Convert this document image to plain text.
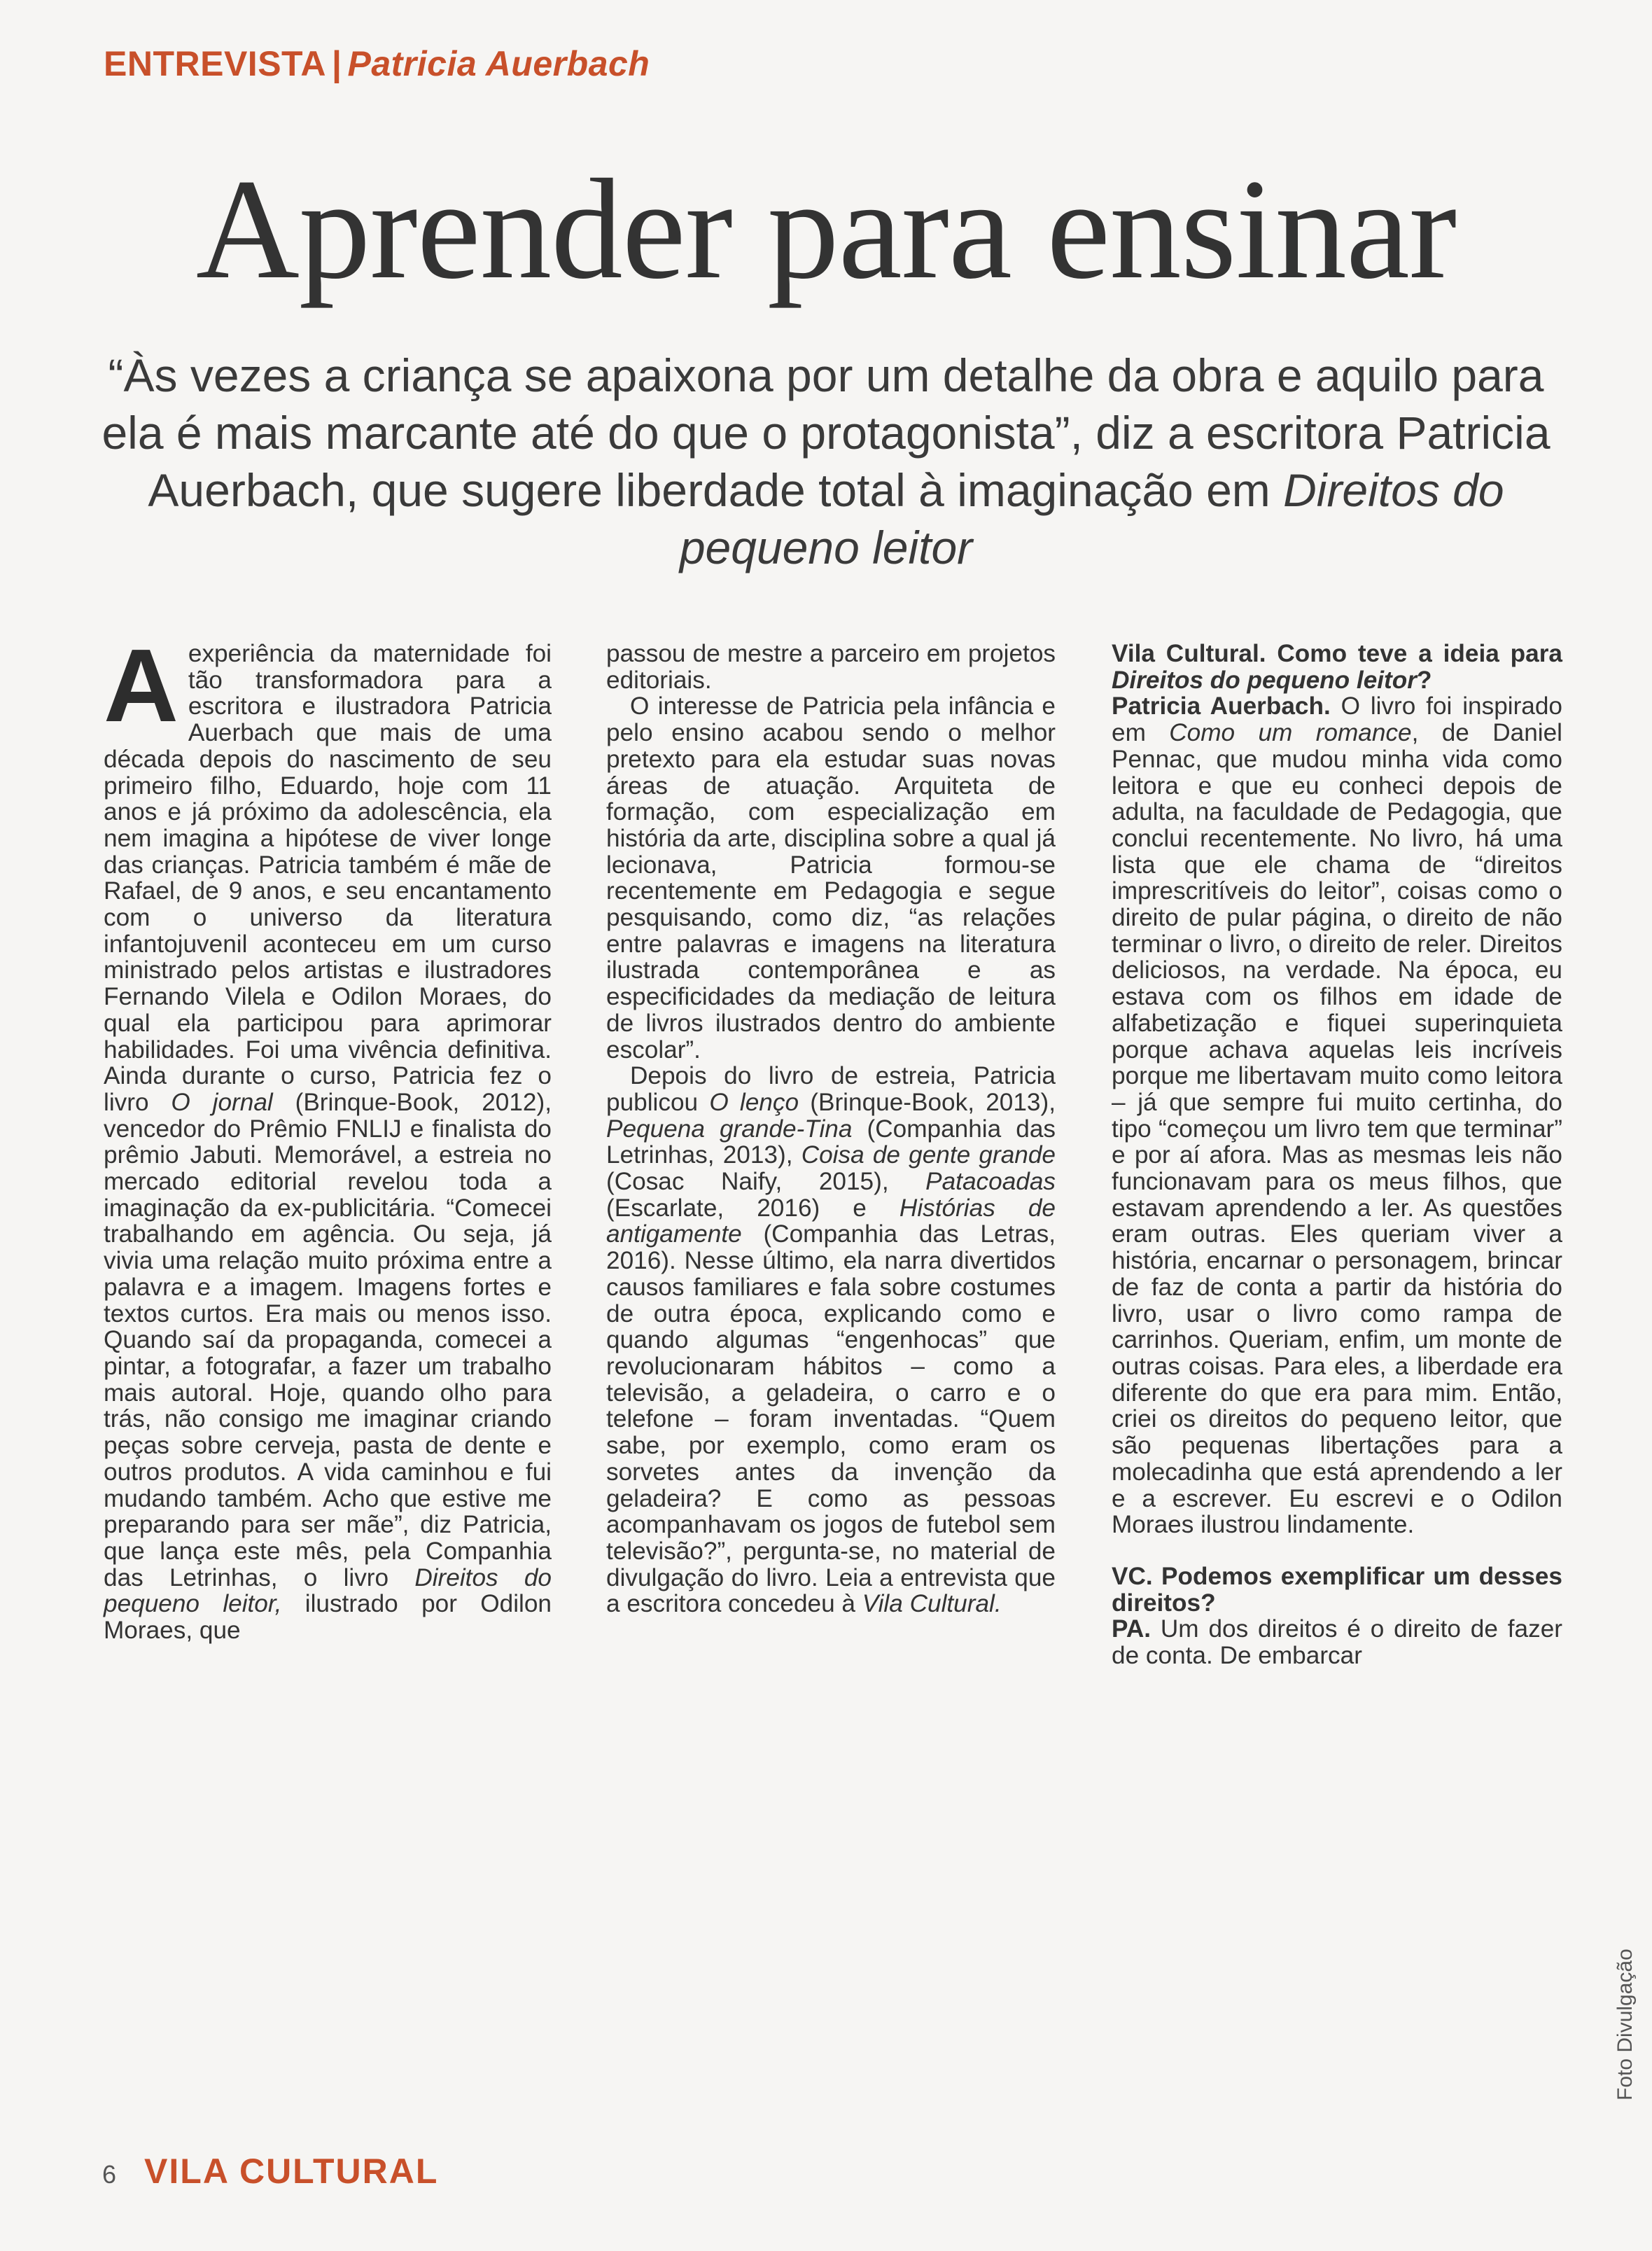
ENTREVISTA | Patricia Auerbach
Aprender para ensinar

“Às vezes a criança se apaixona por um detalhe da obra e aquilo para ela é mais marcante até do que o protagonista”, diz a escritora Patricia Auerbach, que sugere liberdade total à imaginação em Direitos do pequeno leitor

A experiência da maternidade foi tão transformadora para a escritora e ilustradora Patricia Auerbach que mais de uma década depois do nascimento de seu primeiro filho, Eduardo, hoje com 11 anos e já próximo da adolescência, ela nem imagina a hipótese de viver longe das crianças. Patricia também é mãe de Rafael, de 9 anos, e seu encantamento com o universo da literatura infantojuvenil aconteceu em um curso ministrado pelos artistas e ilustradores Fernando Vilela e Odilon Moraes, do qual ela participou para aprimorar habilidades. Foi uma vivência definitiva. Ainda durante o curso, Patricia fez o livro O jornal (Brinque-Book, 2012), vencedor do Prêmio FNLIJ e finalista do prêmio Jabuti. Memorável, a estreia no mercado editorial revelou toda a imaginação da ex-publicitária. “Comecei trabalhando em agência. Ou seja, já vivia uma relação muito próxima entre a palavra e a imagem. Imagens fortes e textos curtos. Era mais ou menos isso. Quando saí da propaganda, comecei a pintar, a fotografar, a fazer um trabalho mais autoral. Hoje, quando olho para trás, não consigo me imaginar criando peças sobre cerveja, pasta de dente e outros produtos. A vida caminhou e fui mudando também. Acho que estive me preparando para ser mãe”, diz Patricia, que lança este mês, pela Companhia das Letrinhas, o livro Direitos do pequeno leitor, ilustrado por Odilon Moraes, que

passou de mestre a parceiro em projetos editoriais.

O interesse de Patricia pela infância e pelo ensino acabou sendo o melhor pretexto para ela estudar suas novas áreas de atuação. Arquiteta de formação, com especialização em história da arte, disciplina sobre a qual já lecionava, Patricia formou-se recentemente em Pedagogia e segue pesquisando, como diz, “as relações entre palavras e imagens na literatura ilustrada contemporânea e as especificidades da mediação de leitura de livros ilustrados dentro do ambiente escolar”.

Depois do livro de estreia, Patricia publicou O lenço (Brinque-Book, 2013), Pequena grande-Tina (Companhia das Letrinhas, 2013), Coisa de gente grande (Cosac Naify, 2015), Patacoadas (Escarlate, 2016) e Histórias de antigamente (Companhia das Letras, 2016). Nesse último, ela narra divertidos causos familiares e fala sobre costumes de outra época, explicando como e quando algumas “engenhocas” que revolucionaram hábitos – como a televisão, a geladeira, o carro e o telefone – foram inventadas. “Quem sabe, por exemplo, como eram os sorvetes antes da invenção da geladeira? E como as pessoas acompanhavam os jogos de futebol sem televisão?”, pergunta-se, no material de divulgação do livro. Leia a entrevista que a escritora concedeu à Vila Cultural.

Vila Cultural. Como teve a ideia para Direitos do pequeno leitor?

Patricia Auerbach. O livro foi inspirado em Como um romance, de Daniel Pennac, que mudou minha vida como leitora e que eu conheci depois de adulta, na faculdade de Pedagogia, que conclui recentemente. No livro, há uma lista que ele chama de “direitos imprescritíveis do leitor”, coisas como o direito de pular página, o direito de não terminar o livro, o direito de reler. Direitos deliciosos, na verdade. Na época, eu estava com os filhos em idade de alfabetização e fiquei superinquieta porque achava aquelas leis incríveis porque me libertavam muito como leitora – já que sempre fui muito certinha, do tipo “começou um livro tem que terminar” e por aí afora. Mas as mesmas leis não funcionavam para os meus filhos, que estavam aprendendo a ler. As questões eram outras. Eles queriam viver a história, encarnar o personagem, brincar de faz de conta a partir da história do livro, usar o livro como rampa de carrinhos. Queriam, enfim, um monte de outras coisas. Para eles, a liberdade era diferente do que era para mim. Então, criei os direitos do pequeno leitor, que são pequenas libertações para a molecadinha que está aprendendo a ler e a escrever. Eu escrevi e o Odilon Moraes ilustrou lindamente.

VC. Podemos exemplificar um desses direitos?

PA. Um dos direitos é o direito de fazer de conta. De embarcar

Foto Divulgação
6 VILA CULTURAL
